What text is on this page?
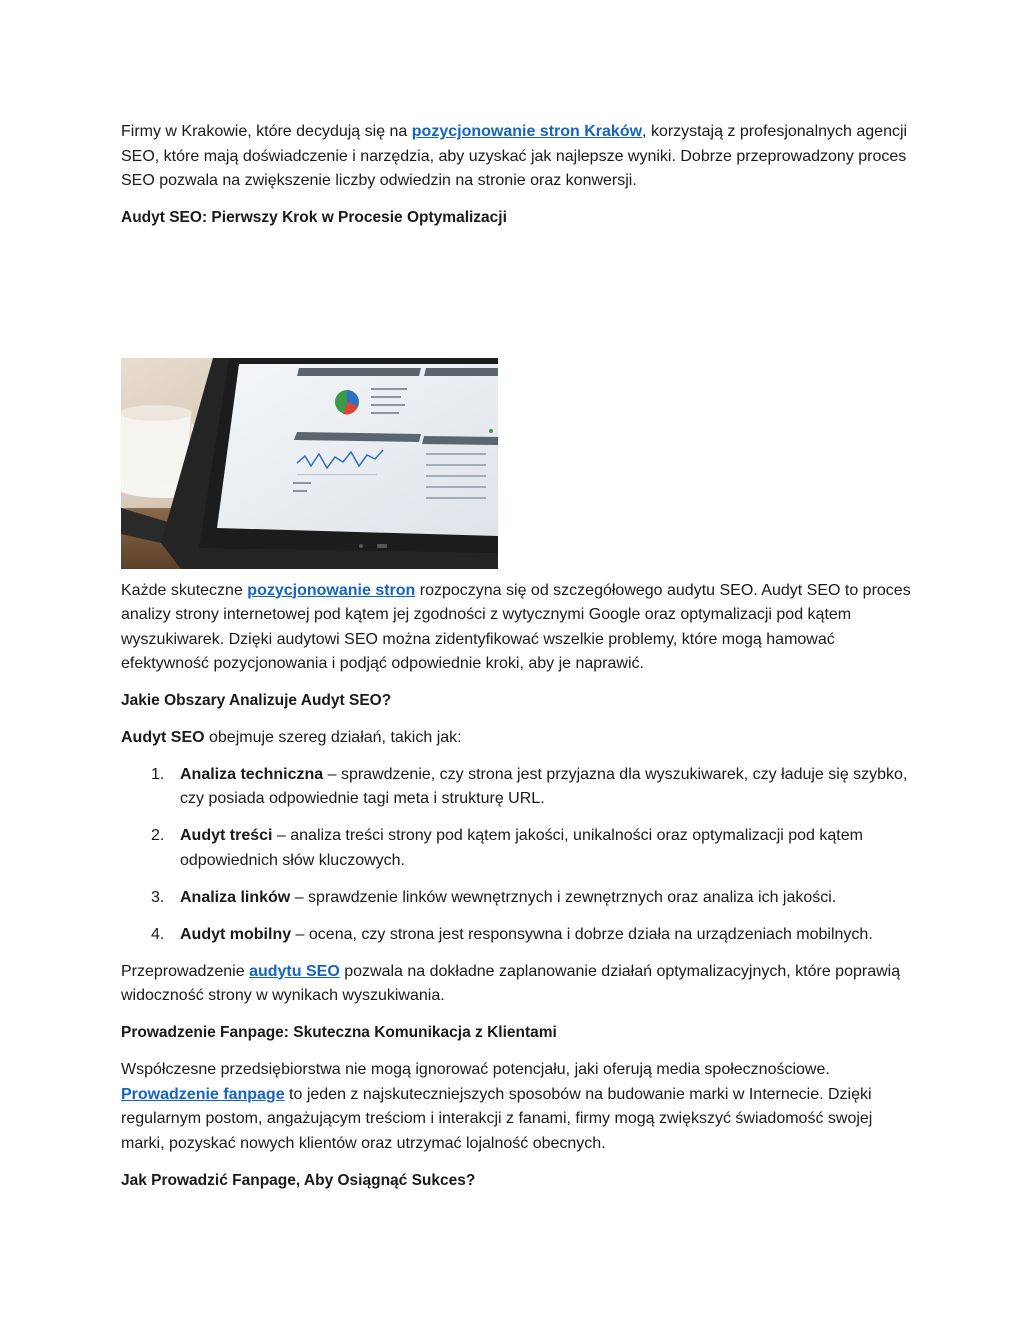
Firmy w Krakowie, które decydują się na pozycjonowanie stron Kraków, korzystają z profesjonalnych agencji SEO, które mają doświadczenie i narzędzia, aby uzyskać jak najlepsze wyniki. Dobrze przeprowadzony proces SEO pozwala na zwiększenie liczby odwiedzin na stronie oraz konwersji.

Audyt SEO: Pierwszy Krok w Procesie Optymalizacji

Każde skuteczne pozycjonowanie stron rozpoczyna się od szczegółowego audytu SEO. Audyt SEO to proces analizy strony internetowej pod kątem jej zgodności z wytycznymi Google oraz optymalizacji pod kątem wyszukiwarek. Dzięki audytowi SEO można zidentyfikować wszelkie problemy, które mogą hamować efektywność pozycjonowania i podjąć odpowiednie kroki, aby je naprawić.

Jakie Obszary Analizuje Audyt SEO?

Audyt SEO obejmuje szereg działań, takich jak:

1. Analiza techniczna – sprawdzenie, czy strona jest przyjazna dla wyszukiwarek, czy ładuje się szybko, czy posiada odpowiednie tagi meta i strukturę URL.
2. Audyt treści – analiza treści strony pod kątem jakości, unikalności oraz optymalizacji pod kątem odpowiednich słów kluczowych.
3. Analiza linków – sprawdzenie linków wewnętrznych i zewnętrznych oraz analiza ich jakości.
4. Audyt mobilny – ocena, czy strona jest responsywna i dobrze działa na urządzeniach mobilnych.

Przeprowadzenie audytu SEO pozwala na dokładne zaplanowanie działań optymalizacyjnych, które poprawią widoczność strony w wynikach wyszukiwania.

Prowadzenie Fanpage: Skuteczna Komunikacja z Klientami

Współczesne przedsiębiorstwa nie mogą ignorować potencjału, jaki oferują media społecznościowe. Prowadzenie fanpage to jeden z najskuteczniejszych sposobów na budowanie marki w Internecie. Dzięki regularnym postom, angażującym treściom i interakcji z fanami, firmy mogą zwiększyć świadomość swojej marki, pozyskać nowych klientów oraz utrzymać lojalność obecnych.

Jak Prowadzić Fanpage, Aby Osiągnąć Sukces?
